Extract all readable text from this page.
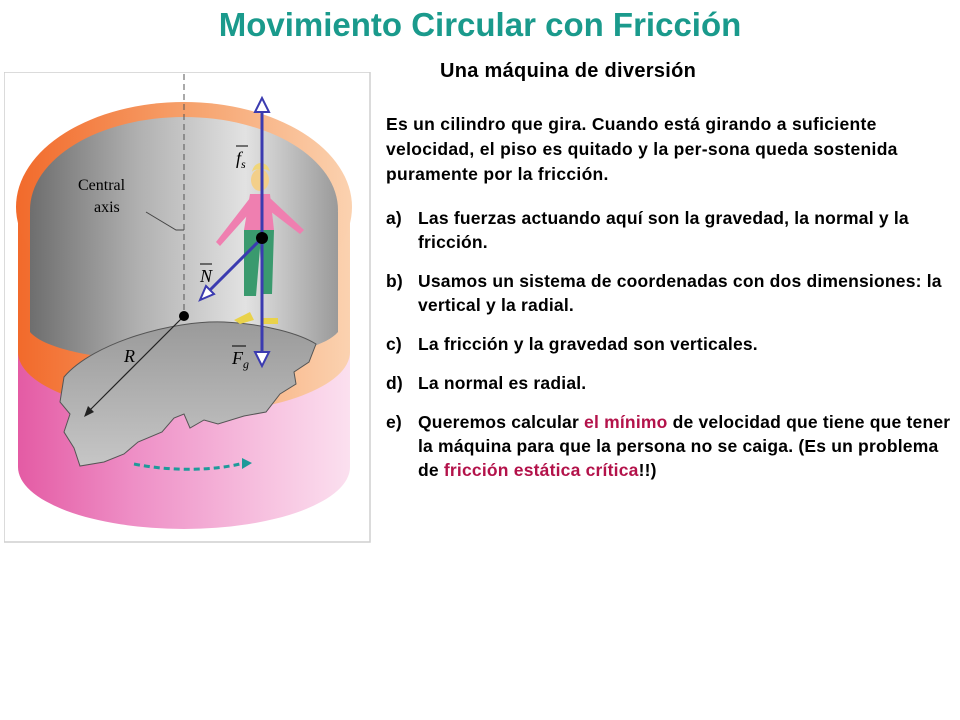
Movimiento Circular con Fricción
Una máquina de diversión
Es un cilindro que gira. Cuando está girando a suficiente velocidad, el piso es quitado y la per-sona queda sostenida puramente por la fricción.
a) Las fuerzas actuando aquí son la gravedad, la normal y la fricción.
b) Usamos un sistema de coordenadas con dos dimensiones: la vertical y la radial.
c) La fricción y la gravedad son verticales.
d) La normal es radial.
e) Queremos calcular el mínimo de velocidad que tiene que tener la máquina para que la persona no se caiga. (Es un problema de fricción estática crítica!!)
Central
axis
R
$f_s$
N
$F_g$
